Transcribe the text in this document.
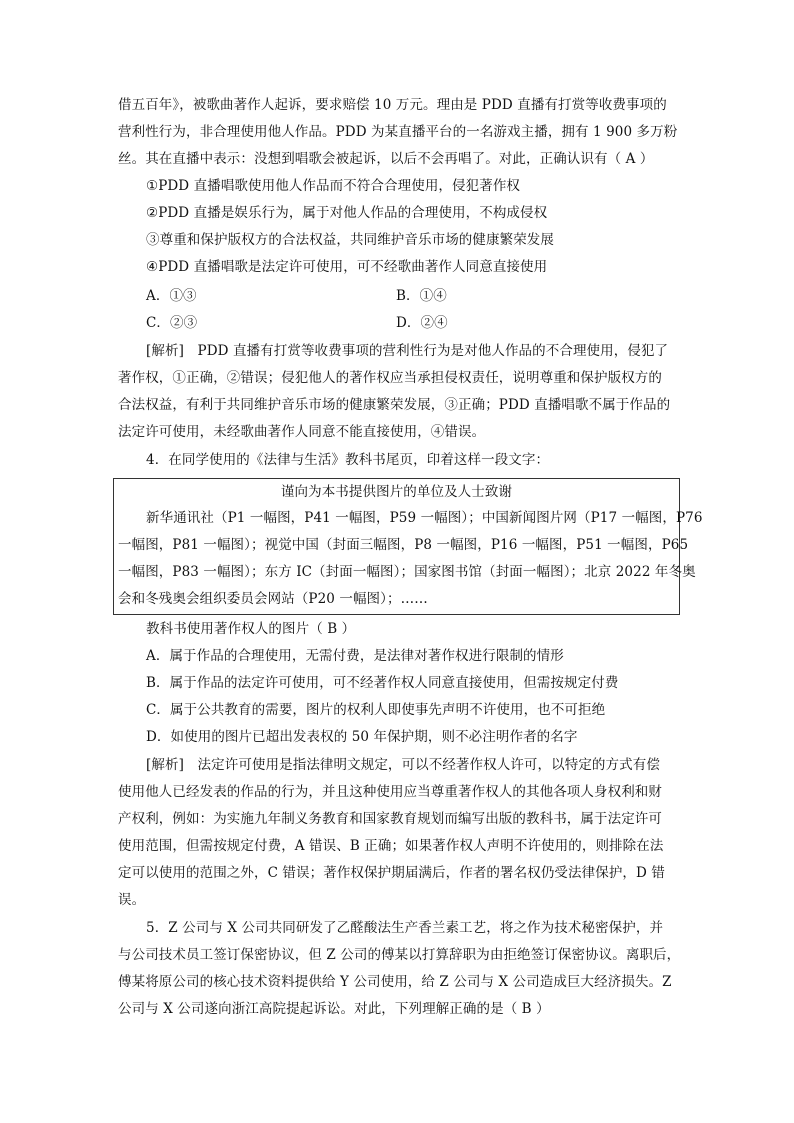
借五百年》，被歌曲著作人起诉，要求赔偿 10 万元。理由是 PDD 直播有打赏等收费事项的
营利性行为，非合理使用他人作品。PDD 为某直播平台的一名游戏主播，拥有 1 900 多万粉
丝。其在直播中表示：没想到唱歌会被起诉，以后不会再唱了。对此，正确认识有（ A ）
①PDD 直播唱歌使用他人作品而不符合合理使用，侵犯著作权
②PDD 直播是娱乐行为，属于对他人作品的合理使用，不构成侵权
③尊重和保护版权方的合法权益，共同维护音乐市场的健康繁荣发展
④PDD 直播唱歌是法定许可使用，可不经歌曲著作人同意直接使用
A．①③	B．①④
C．②③	D．②④
[解析]　PDD 直播有打赏等收费事项的营利性行为是对他人作品的不合理使用，侵犯了
著作权，①正确，②错误；侵犯他人的著作权应当承担侵权责任，说明尊重和保护版权方的
合法权益，有利于共同维护音乐市场的健康繁荣发展，③正确；PDD 直播唱歌不属于作品的
法定许可使用，未经歌曲著作人同意不能直接使用，④错误。
4．在同学使用的《法律与生活》教科书尾页，印着这样一段文字：
谨向为本书提供图片的单位及人士致谢
新华通讯社（P1 一幅图，P41 一幅图，P59 一幅图）；中国新闻图片网（P17 一幅图，P76
一幅图，P81 一幅图）；视觉中国（封面三幅图，P8 一幅图，P16 一幅图，P51 一幅图，P65
一幅图，P83 一幅图）；东方 IC（封面一幅图）；国家图书馆（封面一幅图）；北京 2022 年冬奥
会和冬残奥会组织委员会网站（P20 一幅图）；……
教科书使用著作权人的图片（ B ）
A．属于作品的合理使用，无需付费，是法律对著作权进行限制的情形
B．属于作品的法定许可使用，可不经著作权人同意直接使用，但需按规定付费
C．属于公共教育的需要，图片的权利人即使事先声明不许使用，也不可拒绝
D．如使用的图片已超出发表权的 50 年保护期，则不必注明作者的名字
[解析]　法定许可使用是指法律明文规定，可以不经著作权人许可，以特定的方式有偿
使用他人已经发表的作品的行为，并且这种使用应当尊重著作权人的其他各项人身权利和财
产权利，例如：为实施九年制义务教育和国家教育规划而编写出版的教科书，属于法定许可
使用范围，但需按规定付费，A 错误、B 正确；如果著作权人声明不许使用的，则排除在法
定可以使用的范围之外，C 错误；著作权保护期届满后，作者的署名权仍受法律保护，D 错
误。
5．Z 公司与 X 公司共同研发了乙醛酸法生产香兰素工艺，将之作为技术秘密保护，并
与公司技术员工签订保密协议，但 Z 公司的傅某以打算辞职为由拒绝签订保密协议。离职后，
傅某将原公司的核心技术资料提供给 Y 公司使用，给 Z 公司与 X 公司造成巨大经济损失。Z
公司与 X 公司遂向浙江高院提起诉讼。对此，下列理解正确的是（ B ）
